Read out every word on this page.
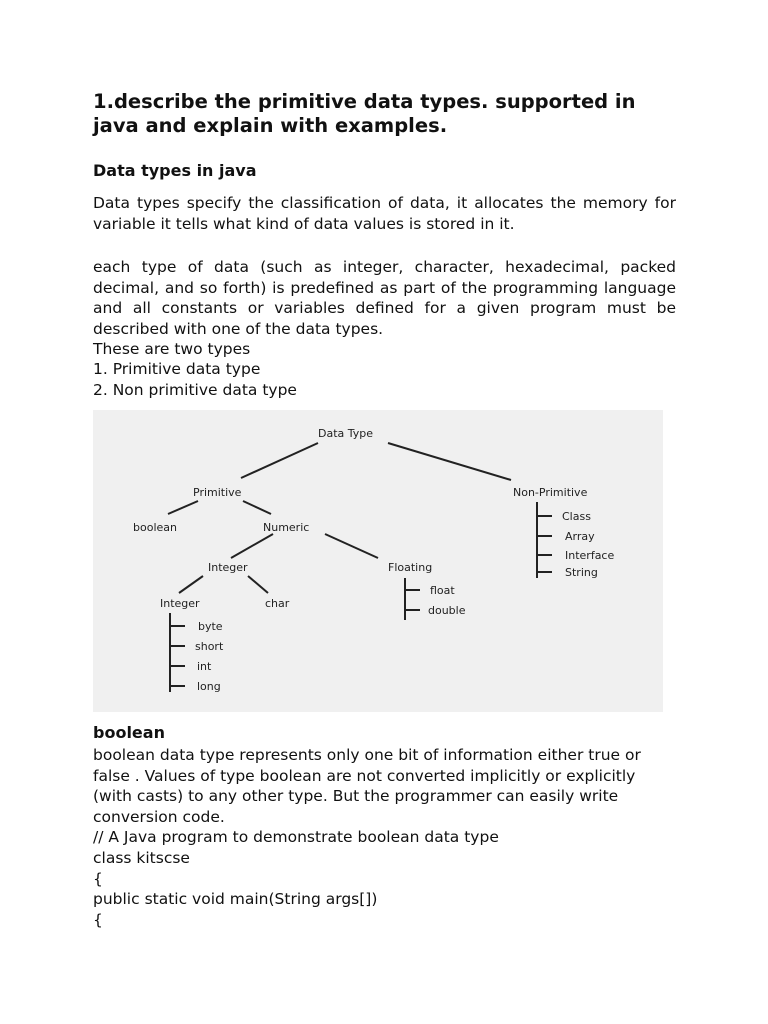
1.describe the primitive data types. supported in java and explain with examples.
Data types in java

Data types specify the classification of data, it allocates the memory for variable it tells what kind of data values is stored in it.

each type of data (such as integer, character, hexadecimal, packed decimal, and so forth) is predefined as part of the programming language and all constants or variables defined for a given program must be described with one of the data types.

These are two types

1. Primitive data type

2. Non primitive data type

Data Type
Primitive	Non-Primitive
boolean	Numeric
Integer	Floating
Integer	char
byte
short
int
long
float
double
Class
Array
Interface
String
boolean

boolean data type represents only one bit of information either true or false . Values of type boolean are not converted implicitly or explicitly (with casts) to any other type. But the programmer can easily write conversion code.

// A Java program to demonstrate boolean data type

class kitscse

{

public static void main(String args[])

{
